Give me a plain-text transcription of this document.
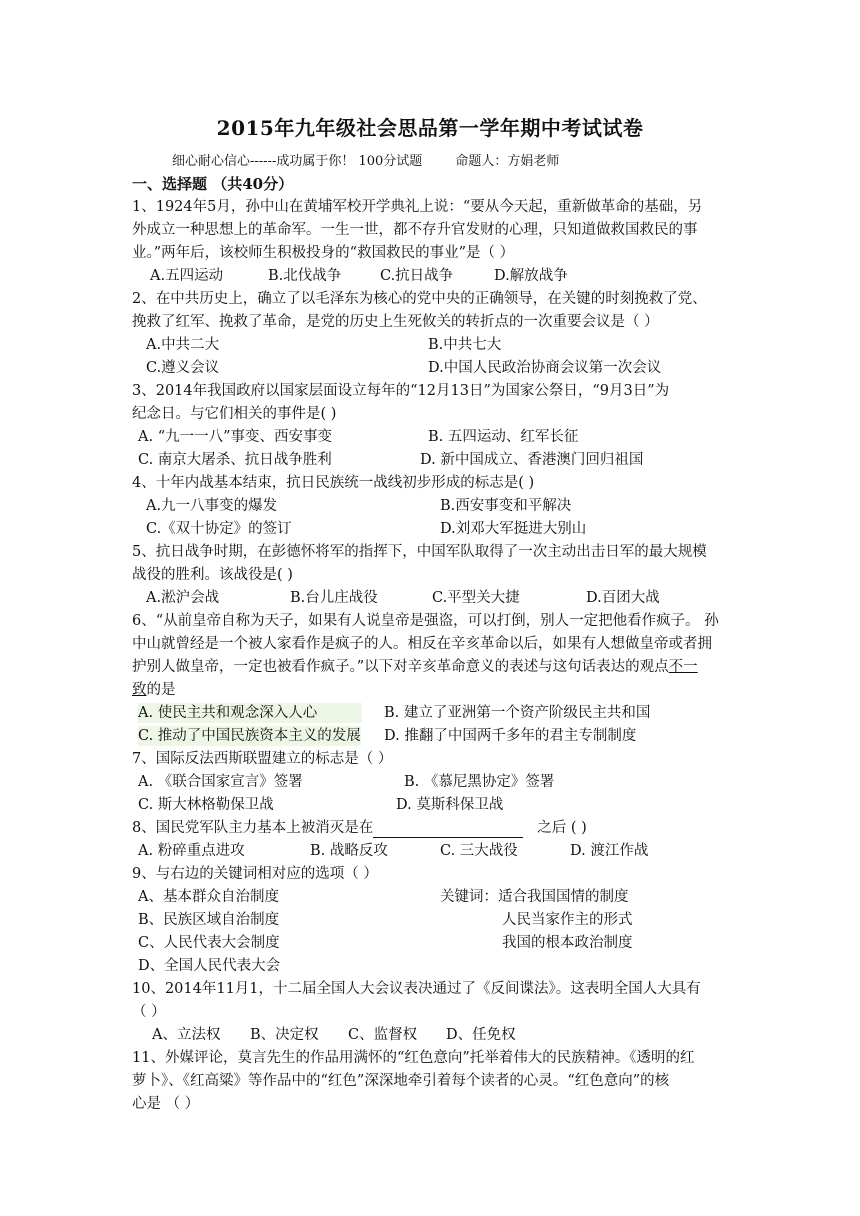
2015年九年级社会思品第一学年期中考试试卷
细心耐心信心------成功属于你！ 100分试题        命题人：方娟老师
一、选择题 （共40分）
1、1924年5月，孙中山在黄埔军校开学典礼上说：“要从今天起，重新做革命的基础，另
外成立一种思想上的革命军。一生一世，都不存升官发财的心理，只知道做救国救民的事
业。”两年后，该校师生积极投身的“救国救民的事业”是（ ）
A.五四运动	B.北伐战争	C.抗日战争	D.解放战争
2、在中共历史上，确立了以毛泽东为核心的党中央的正确领导，在关键的时刻挽救了党、
挽救了红军、挽救了革命，是党的历史上生死攸关的转折点的一次重要会议是（ ）
A.中共二大	B.中共七大
C.遵义会议	D.中国人民政治协商会议第一次会议
3、2014年我国政府以国家层面设立每年的“12月13日”为国家公祭日，“9月3日”为
纪念日。与它们相关的事件是( )
A. “九一一八”事变、西安事变	B. 五四运动、红军长征
C. 南京大屠杀、抗日战争胜利	D. 新中国成立、香港澳门回归祖国
4、十年内战基本结束，抗日民族统一战线初步形成的标志是( )
A.九一八事变的爆发	B.西安事变和平解决
C.《双十协定》的签订	D.刘邓大军挺进大别山
5、抗日战争时期，在彭德怀将军的指挥下，中国军队取得了一次主动出击日军的最大规模
战役的胜利。该战役是( )
A.淞沪会战	B.台儿庄战役	C.平型关大捷	D.百团大战
6、“从前皇帝自称为天子，如果有人说皇帝是强盗，可以打倒，别人一定把他看作疯子。 孙
中山就曾经是一个被人家看作是疯子的人。相反在辛亥革命以后，如果有人想做皇帝或者拥
护别人做皇帝，一定也被看作疯子。”以下对辛亥革命意义的表述与这句话表达的观点不一
致的是
A. 使民主共和观念深入人心	B. 建立了亚洲第一个资产阶级民主共和国
C. 推动了中国民族资本主义的发展 D. 推翻了中国两千多年的君主专制制度
7、国际反法西斯联盟建立的标志是（ ）
A. 《联合国家宣言》签署	B. 《慕尼黑协定》签署
C. 斯大林格勒保卫战	D. 莫斯科保卫战
8、国民党军队主力基本上被消灭是在	之后 ( )
A. 粉碎重点进攻	B. 战略反攻	C. 三大战役	D. 渡江作战
9、与右边的关键词相对应的选项（ ）
A、基本群众自治制度	关键词：适合我国国情的制度
B、民族区域自治制度	人民当家作主的形式
C、人民代表大会制度	我国的根本政治制度
D、全国人民代表大会
10、2014年11月1，十二届全国人大会议表决通过了《反间谍法》。这表明全国人大具有
（ ）
A、立法权 B、决定权 C、监督权 D、任免权
11、外媒评论，莫言先生的作品用满怀的“红色意向”托举着伟大的民族精神。《透明的红
萝卜》、《红高粱》等作品中的“红色”深深地牵引着每个读者的心灵。“红色意向”的核
心是 （ ）
